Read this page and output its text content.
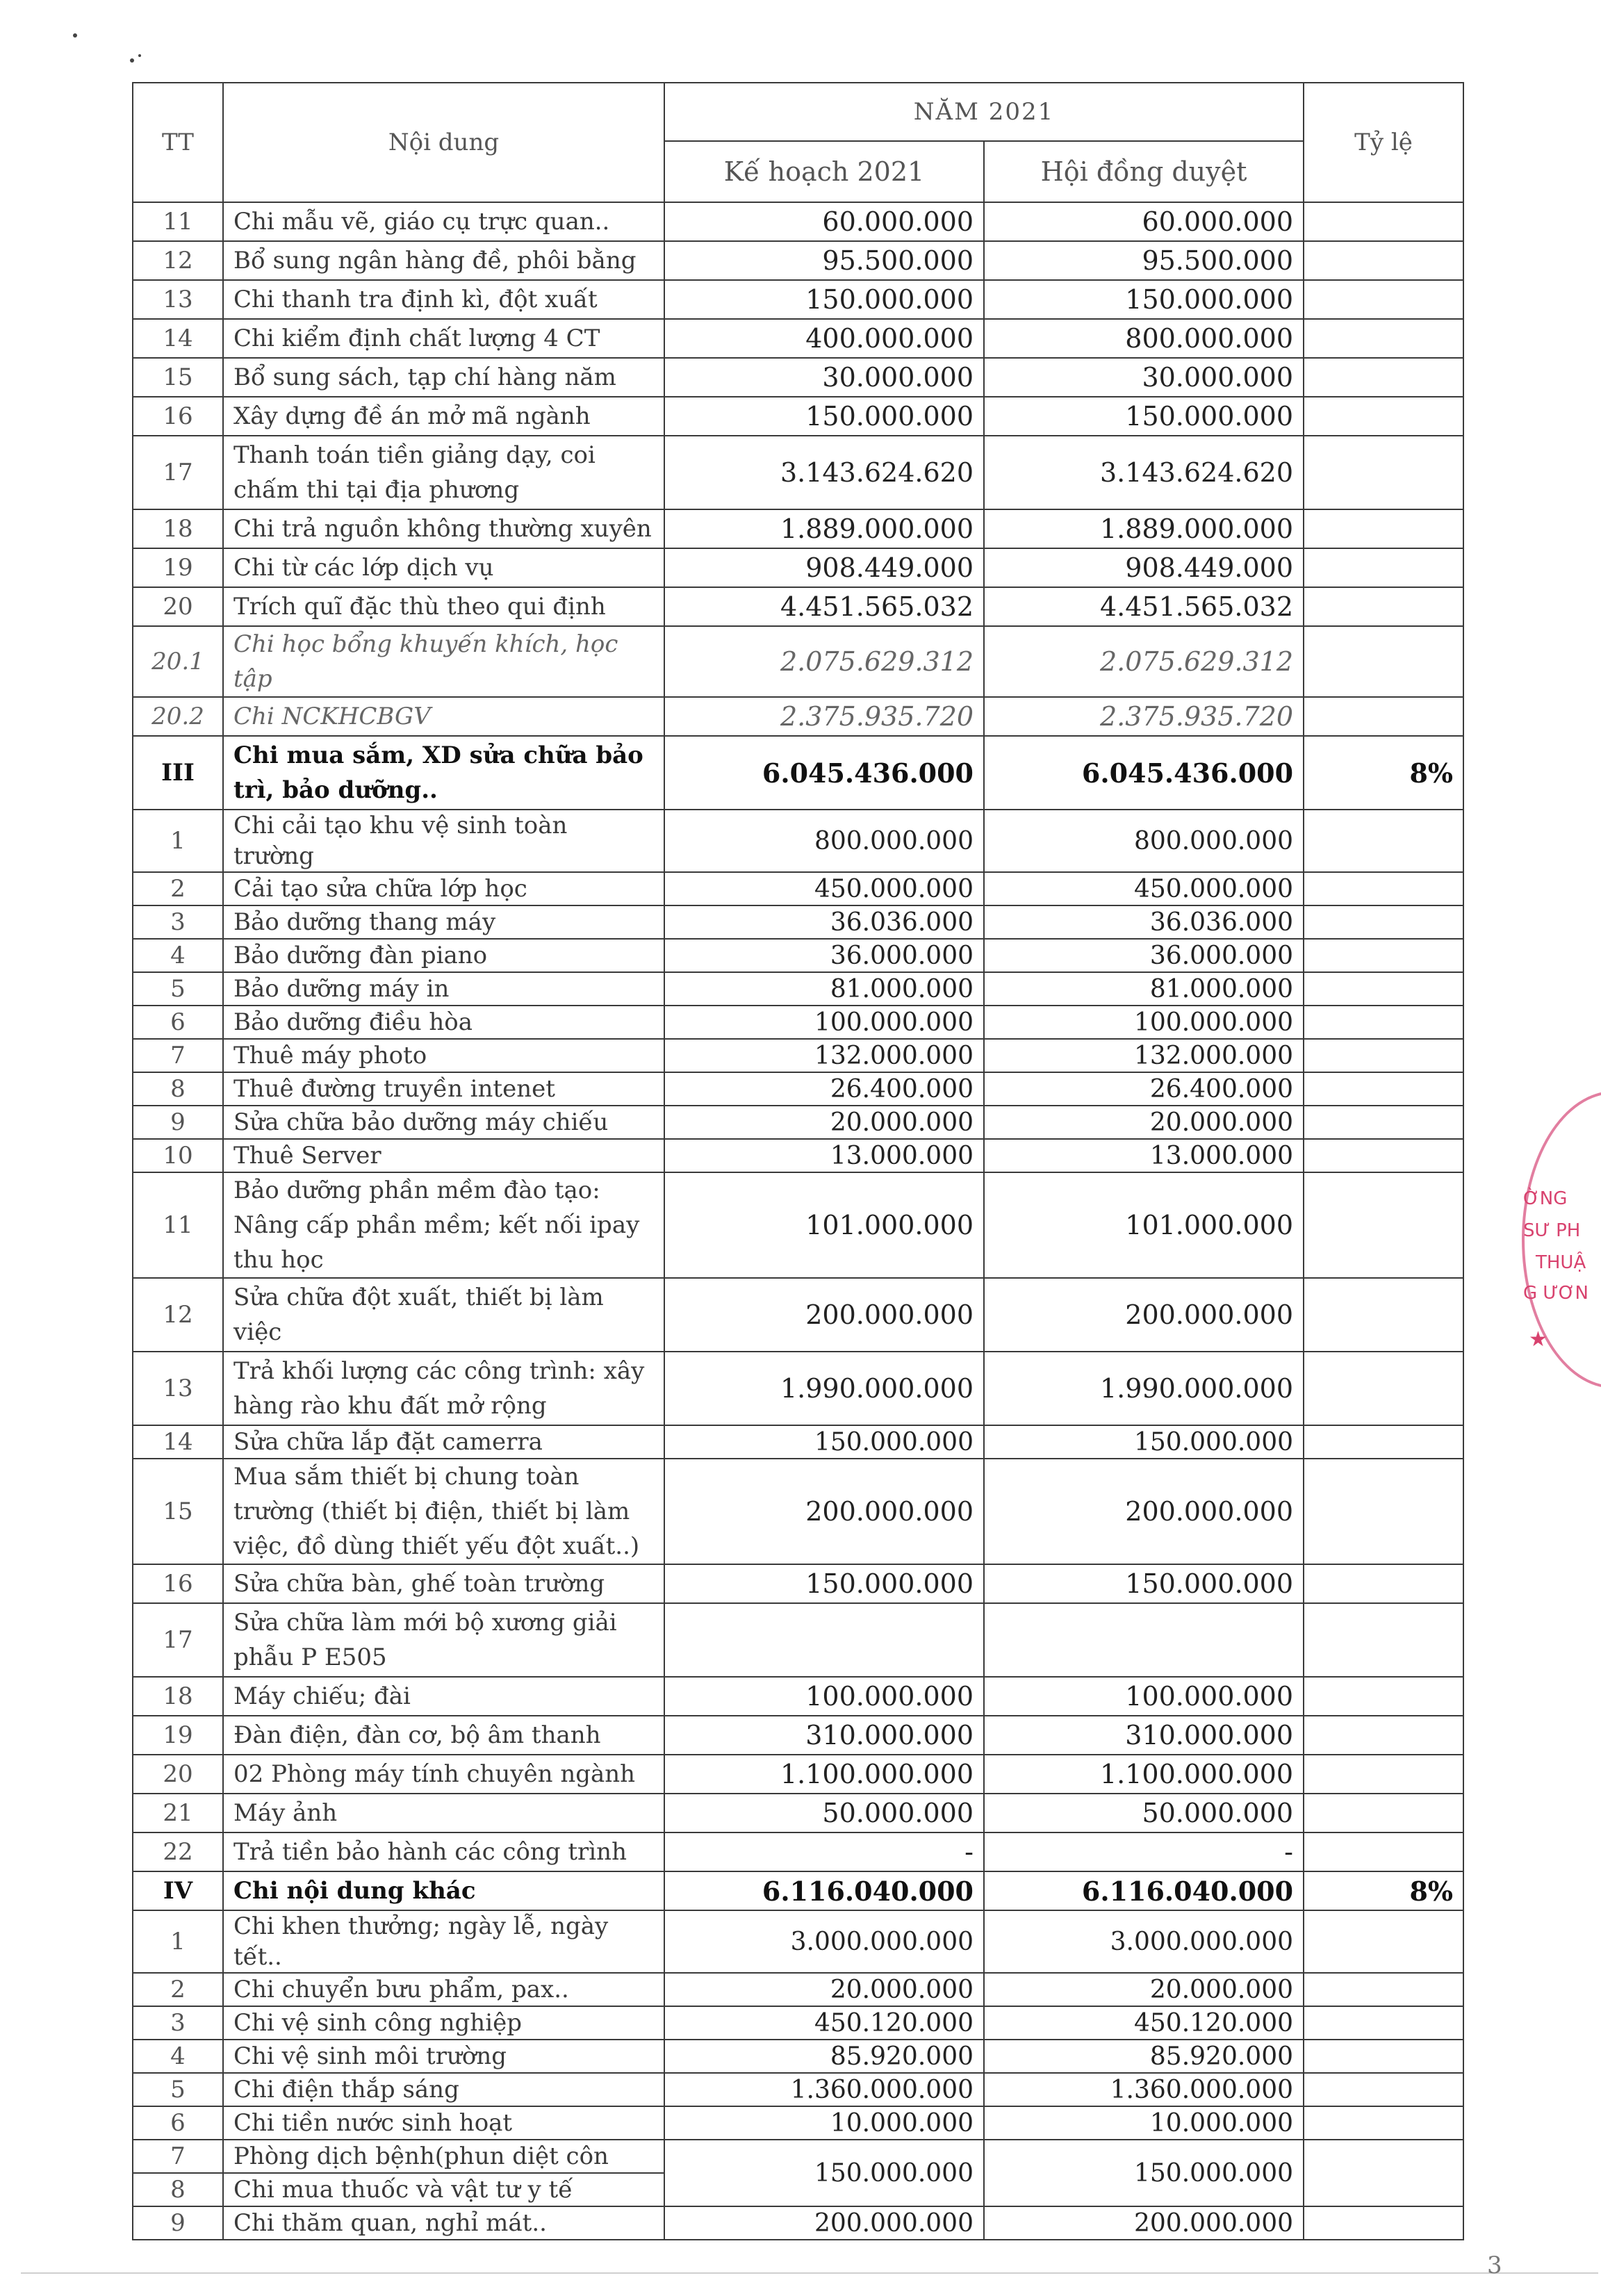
TT	Nội dung	NĂM 2021		Tỷ lệ
		Kế hoạch 2021	Hội đồng duyệt	
11	Chi mẫu vẽ, giáo cụ trực quan..	60.000.000	60.000.000	
12	Bổ sung ngân hàng đề, phôi bằng	95.500.000	95.500.000	
13	Chi thanh tra định kì, đột xuất	150.000.000	150.000.000	
14	Chi kiểm định chất lượng 4 CT	400.000.000	800.000.000	
15	Bổ sung sách, tạp chí hàng năm	30.000.000	30.000.000	
16	Xây dựng đề án mở mã ngành	150.000.000	150.000.000	
17	Thanh toán tiền giảng dạy, coi chấm thi tại địa phương	3.143.624.620	3.143.624.620	
18	Chi trả nguồn không thường xuyên	1.889.000.000	1.889.000.000	
19	Chi từ các lớp dịch vụ	908.449.000	908.449.000	
20	Trích quĩ đặc thù theo qui định	4.451.565.032	4.451.565.032	
20.1	Chi học bổng khuyến khích, học tập	2.075.629.312	2.075.629.312	
20.2	Chi NCKHCBGV	2.375.935.720	2.375.935.720	
III	Chi mua sắm, XD sửa chữa bảo trì, bảo dưỡng..	6.045.436.000	6.045.436.000	8%
1	Chi cải tạo khu vệ sinh toàn trường	800.000.000	800.000.000	
2	Cải tạo sửa chữa lớp học	450.000.000	450.000.000	
3	Bảo dưỡng thang máy	36.036.000	36.036.000	
4	Bảo dưỡng đàn piano	36.000.000	36.000.000	
5	Bảo dưỡng máy in	81.000.000	81.000.000	
6	Bảo dưỡng điều hòa	100.000.000	100.000.000	
7	Thuê máy photo	132.000.000	132.000.000	
8	Thuê đường truyền intenet	26.400.000	26.400.000	
9	Sửa chữa bảo dưỡng máy chiếu	20.000.000	20.000.000	
10	Thuê Server	13.000.000	13.000.000	
11	Bảo dưỡng phần mềm đào tạo: Nâng cấp phần mềm; kết nối ipay thu học	101.000.000	101.000.000	
12	Sửa chữa đột xuất, thiết bị làm việc	200.000.000	200.000.000	
13	Trả khối lượng các công trình: xây hàng rào khu đất mở rộng	1.990.000.000	1.990.000.000	
14	Sửa chữa lắp đặt camerra	150.000.000	150.000.000	
15	Mua sắm thiết bị chung toàn trường (thiết bị điện, thiết bị làm việc, đồ dùng thiết yếu đột xuất..)	200.000.000	200.000.000	
16	Sửa chữa bàn, ghế toàn trường	150.000.000	150.000.000	
17	Sửa chữa làm mới bộ xương giải phẫu P E505			
18	Máy chiếu; đài	100.000.000	100.000.000	
19	Đàn điện, đàn cơ, bộ âm thanh	310.000.000	310.000.000	
20	02 Phòng máy tính chuyên ngành	1.100.000.000	1.100.000.000	
21	Máy ảnh	50.000.000	50.000.000	
22	Trả tiền bảo hành các công trình	-	-	
IV	Chi nội dung khác	6.116.040.000	6.116.040.000	8%
1	Chi khen thưởng; ngày lễ, ngày tết..	3.000.000.000	3.000.000.000	
2	Chi chuyển bưu phẩm, pax..	20.000.000	20.000.000	
3	Chi vệ sinh công nghiệp	450.120.000	450.120.000	
4	Chi vệ sinh môi trường	85.920.000	85.920.000	
5	Chi điện thắp sáng	1.360.000.000	1.360.000.000	
6	Chi tiền nước sinh hoạt	10.000.000	10.000.000	
7	Phòng dịch bệnh(phun diệt côn	150.000.000	150.000.000	
8	Chi mua thuốc và vật tư y tế			
9	Chi thăm quan, nghỉ mát..	200.000.000	200.000.000	
ỜNG
SƯ PH
THUẬ
G ƯƠN
★
3
